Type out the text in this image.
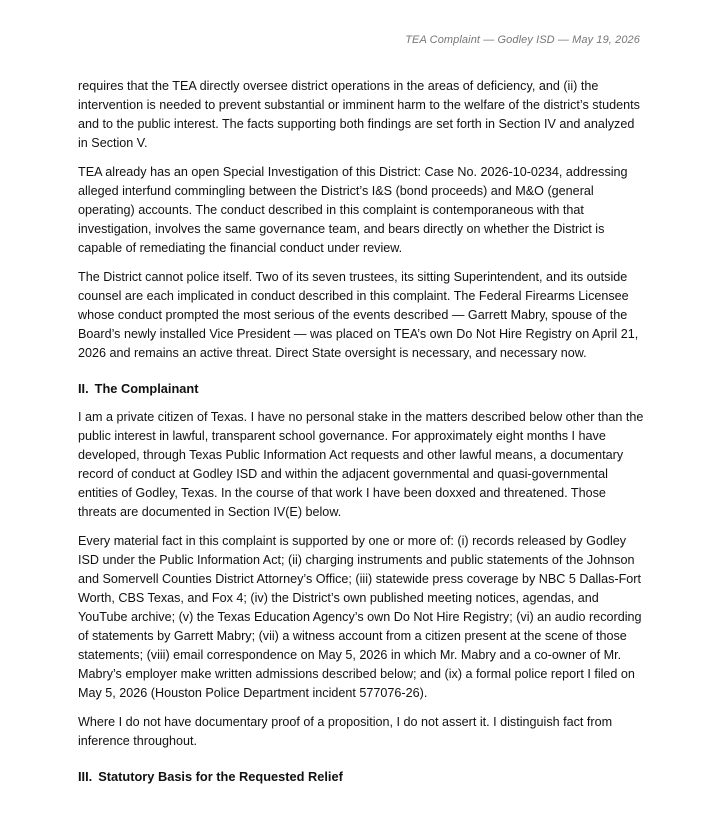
TEA Complaint — Godley ISD — May 19, 2026

requires that the TEA directly oversee district operations in the areas of deficiency, and (ii) the intervention is needed to prevent substantial or imminent harm to the welfare of the district’s students and to the public interest. The facts supporting both findings are set forth in Section IV and analyzed in Section V.

TEA already has an open Special Investigation of this District: Case No. 2026-10-0234, addressing alleged interfund commingling between the District’s I&S (bond proceeds) and M&O (general operating) accounts. The conduct described in this complaint is contemporaneous with that investigation, involves the same governance team, and bears directly on whether the District is capable of remediating the financial conduct under review.

The District cannot police itself. Two of its seven trustees, its sitting Superintendent, and its outside counsel are each implicated in conduct described in this complaint. The Federal Firearms Licensee whose conduct prompted the most serious of the events described — Garrett Mabry, spouse of the Board’s newly installed Vice President — was placed on TEA’s own Do Not Hire Registry on April 21, 2026 and remains an active threat. Direct State oversight is necessary, and necessary now.

II. The Complainant

I am a private citizen of Texas. I have no personal stake in the matters described below other than the public interest in lawful, transparent school governance. For approximately eight months I have developed, through Texas Public Information Act requests and other lawful means, a documentary record of conduct at Godley ISD and within the adjacent governmental and quasi-governmental entities of Godley, Texas. In the course of that work I have been doxxed and threatened. Those threats are documented in Section IV(E) below.

Every material fact in this complaint is supported by one or more of: (i) records released by Godley ISD under the Public Information Act; (ii) charging instruments and public statements of the Johnson and Somervell Counties District Attorney’s Office; (iii) statewide press coverage by NBC 5 Dallas-Fort Worth, CBS Texas, and Fox 4; (iv) the District’s own published meeting notices, agendas, and YouTube archive; (v) the Texas Education Agency’s own Do Not Hire Registry; (vi) an audio recording of statements by Garrett Mabry; (vii) a witness account from a citizen present at the scene of those statements; (viii) email correspondence on May 5, 2026 in which Mr. Mabry and a co-owner of Mr. Mabry’s employer make written admissions described below; and (ix) a formal police report I filed on May 5, 2026 (Houston Police Department incident 577076-26).

Where I do not have documentary proof of a proposition, I do not assert it. I distinguish fact from inference throughout.

III. Statutory Basis for the Requested Relief
